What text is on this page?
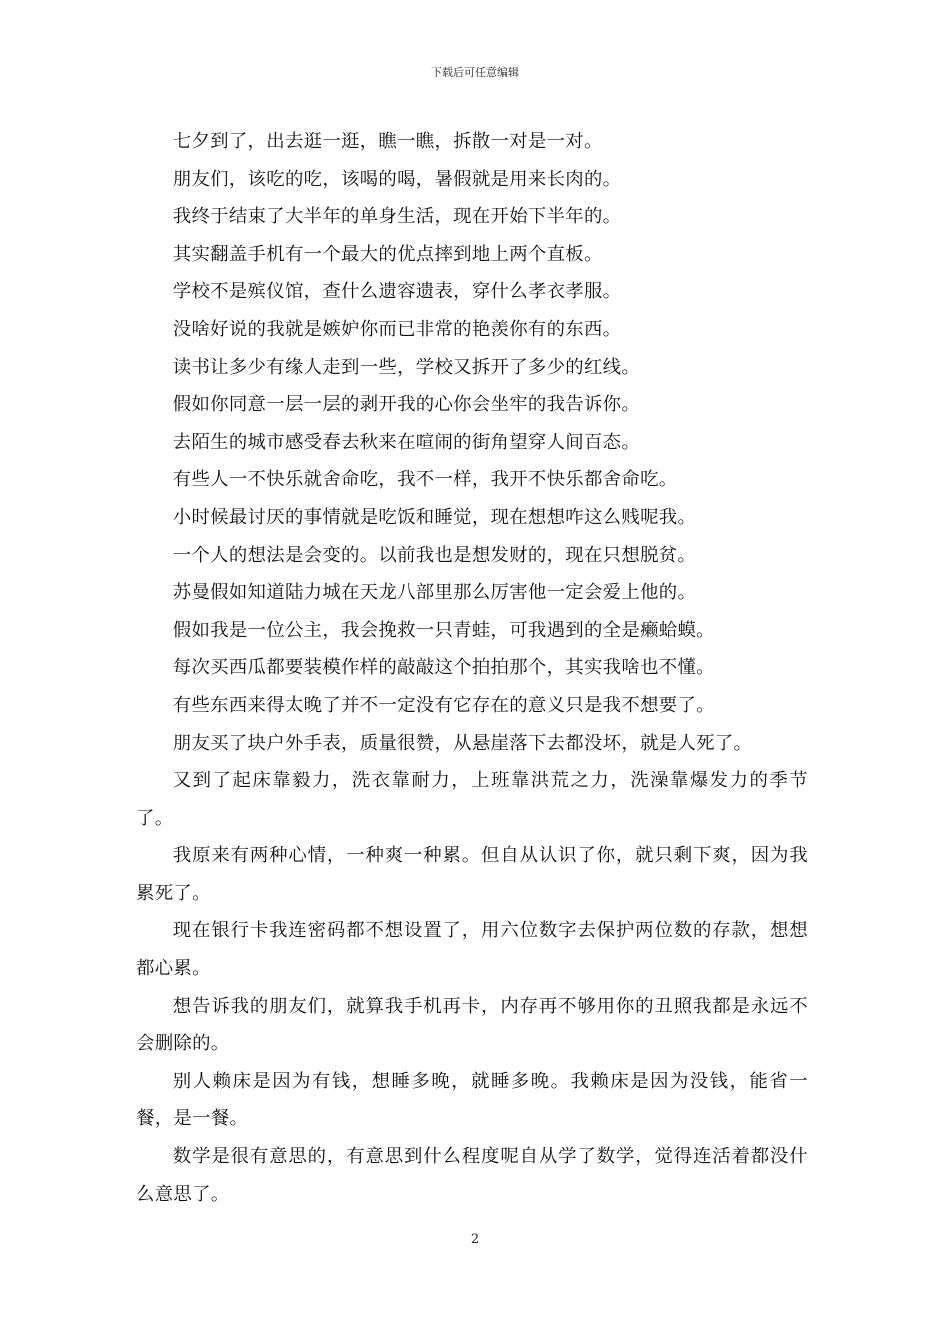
下载后可任意编辑

七夕到了，出去逛一逛，瞧一瞧，拆散一对是一对。

朋友们，该吃的吃，该喝的喝，暑假就是用来长肉的。

我终于结束了大半年的单身生活，现在开始下半年的。

其实翻盖手机有一个最大的优点摔到地上两个直板。

学校不是殡仪馆，查什么遗容遗表，穿什么孝衣孝服。

没啥好说的我就是嫉妒你而已非常的艳羡你有的东西。

读书让多少有缘人走到一些，学校又拆开了多少的红线。

假如你同意一层一层的剥开我的心你会坐牢的我告诉你。

去陌生的城市感受春去秋来在喧闹的街角望穿人间百态。

有些人一不快乐就舍命吃，我不一样，我开不快乐都舍命吃。

小时候最讨厌的事情就是吃饭和睡觉，现在想想咋这么贱呢我。

一个人的想法是会变的。以前我也是想发财的，现在只想脱贫。

苏曼假如知道陆力城在天龙八部里那么厉害他一定会爱上他的。

假如我是一位公主，我会挽救一只青蛙，可我遇到的全是癞蛤蟆。

每次买西瓜都要装模作样的敲敲这个拍拍那个，其实我啥也不懂。

有些东西来得太晚了并不一定没有它存在的意义只是我不想要了。

朋友买了块户外手表，质量很赞，从悬崖落下去都没坏，就是人死了。

又到了起床靠毅力，洗衣靠耐力，上班靠洪荒之力，洗澡靠爆发力的季节了。

我原来有两种心情，一种爽一种累。但自从认识了你，就只剩下爽，因为我累死了。

现在银行卡我连密码都不想设置了，用六位数字去保护两位数的存款，想想都心累。

想告诉我的朋友们，就算我手机再卡，内存再不够用你的丑照我都是永远不会删除的。

别人赖床是因为有钱，想睡多晚，就睡多晚。我赖床是因为没钱，能省一餐，是一餐。

数学是很有意思的，有意思到什么程度呢自从学了数学，觉得连活着都没什么意思了。

2
